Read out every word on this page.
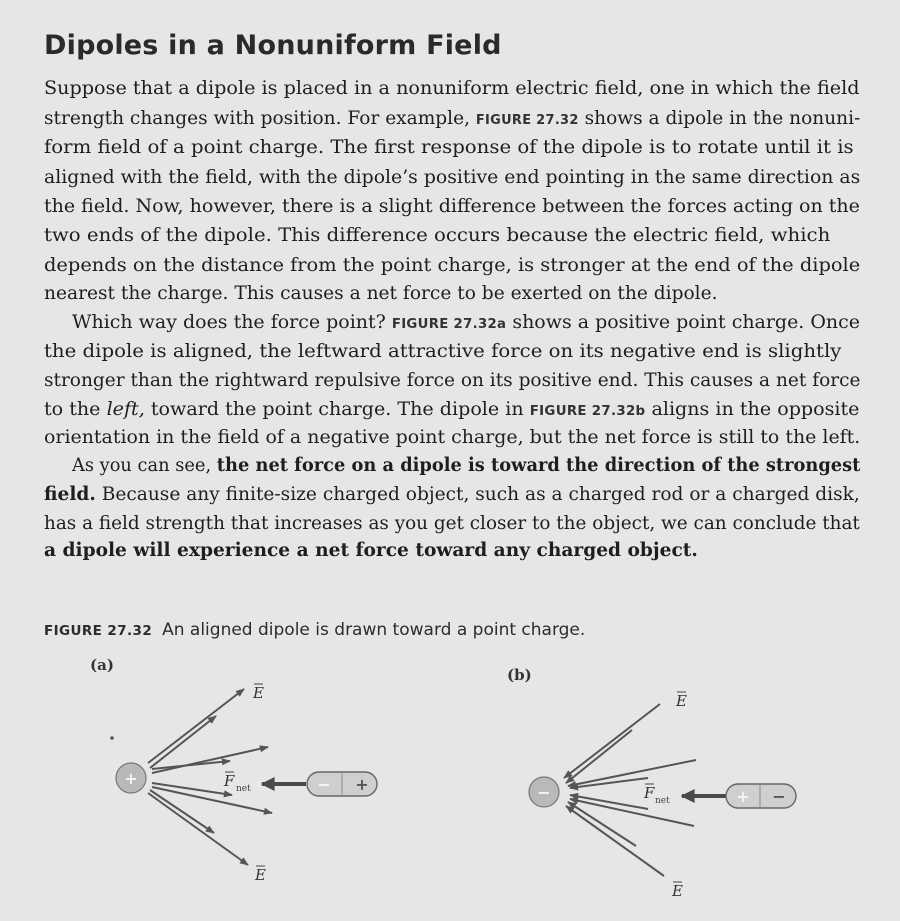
Dipoles in a Nonuniform Field
Suppose that a dipole is placed in a nonuniform electric field, one in which the field
strength changes with position. For example, FIGURE 27.32 shows a dipole in the nonuni-
form field of a point charge. The first response of the dipole is to rotate until it is
aligned with the field, with the dipole’s positive end pointing in the same direction as
the field. Now, however, there is a slight difference between the forces acting on the
two ends of the dipole. This difference occurs because the electric field, which
depends on the distance from the point charge, is stronger at the end of the dipole
nearest the charge. This causes a net force to be exerted on the dipole.
Which way does the force point? FIGURE 27.32a shows a positive point charge. Once
the dipole is aligned, the leftward attractive force on its negative end is slightly
stronger than the rightward repulsive force on its positive end. This causes a net force
to the left, toward the point charge. The dipole in FIGURE 27.32b aligns in the opposite
orientation in the field of a negative point charge, but the net force is still to the left.
As you can see, the net force on a dipole is toward the direction of the strongest
field. Because any finite-size charged object, such as a charged rod or a charged disk,
has a field strength that increases as you get closer to the object, we can conclude that
a dipole will experience a net force toward any charged object.
FIGURE 27.32 An aligned dipole is drawn toward a point charge.
(a)
+	− +
E
E
F net
(b)
−	+ −
E
E
F net
